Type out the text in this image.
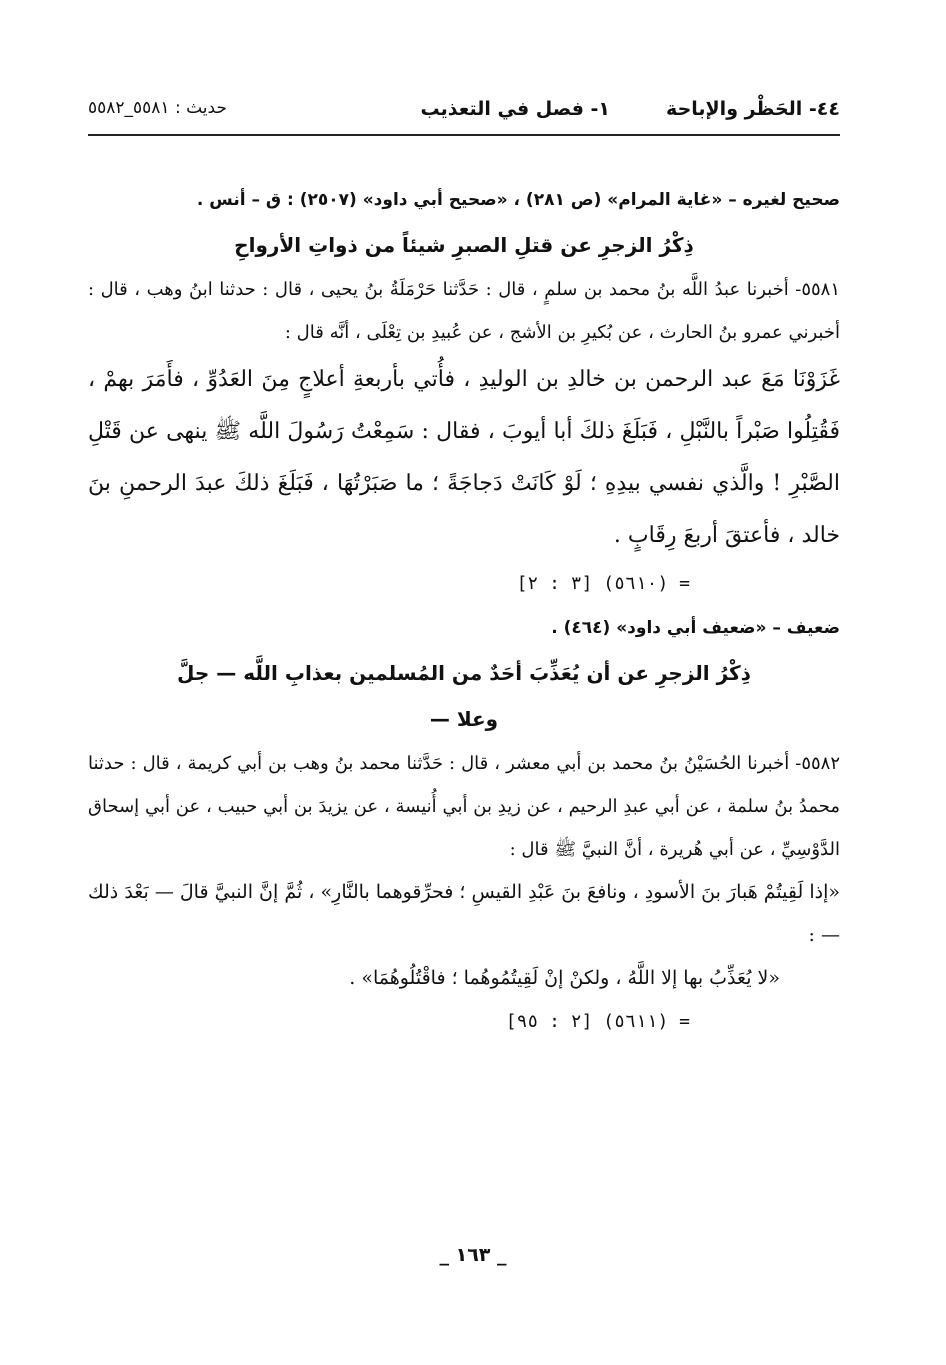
٤٤- الحَظْر والإباحة
١- فصل في التعذيب
حديث : ٥٥٨١_٥٥٨٢

صحيح لغيره – «غاية المرام» (ص ٢٨١) ، «صحيح أبي داود» (٢٥٠٧) : ق – أنس .

ذِكْرُ الزجرِ عن قتلِ الصبرِ شيئاً من ذواتِ الأرواحِ

٥٥٨١- أخبرنا عبدُ اللَّه بنُ محمد بن سلمٍ ، قال : حَدَّثنا حَرْمَلَةُ بنُ يحيى ، قال : حدثنا ابنُ وهب ، قال : أخبرني عمرو بنُ الحارث ، عن بُكيرِ بن الأشج ، عن عُبيدِ بن تِعْلَى ، أنَّه قال :

غَزَوْنَا مَعَ عبد الرحمن بن خالدِ بن الوليدِ ، فأُتي بأربعةِ أعلاجٍ مِنَ العَدُوِّ ، فأَمَرَ بهمْ ، فَقُتِلُوا صَبْراً بالنَّبْلِ ، فَبَلَغَ ذلكَ أبا أيوبَ ، فقال : سَمِعْتُ رَسُولَ اللَّه ﷺ ينهى عن قَتْلِ الصَّبْرِ ! والَّذي نفسي بيدِهِ ؛ لَوْ كَانَتْ دَجاجَةً ؛ ما صَبَرْتُهَا ، فَبَلَغَ ذلكَ عبدَ الرحمنِ بنَ خالد ، فأعتقَ أربعَ رِقَابٍ .

= (٥٦١٠) [٣ : ٢]

ضعيف – «ضعيف أبي داود» (٤٦٤) .

ذِكْرُ الزجرِ عن أن يُعَذِّبَ أحَدٌ من المُسلمين بعذابِ اللَّه — جلَّ

وعلا —

٥٥٨٢- أخبرنا الحُسَيْنُ بنُ محمد بن أبي معشر ، قال : حَدَّثنا محمد بنُ وهب بن أبي كريمة ، قال : حدثنا محمدُ بنُ سلمة ، عن أبي عبدِ الرحيم ، عن زيدِ بن أبي أُنيسة ، عن يزيدَ بن أبي حبيب ، عن أبي إسحاق الدَّوْسِيِّ ، عن أبي هُريرة ، أنَّ النبيَّ ﷺ قال :

«إذا لَقِيتُمْ هَبارَ بنَ الأسودِ ، ونافعَ بنَ عَبْدِ القيسِ ؛ فحرِّقوهما بالنَّارِ» ، ثُمَّ إنَّ النبيَّ قالَ — بَعْدَ ذلك — :

«لا يُعَذِّبُ بها إلا اللَّهُ ، ولكنْ إنْ لَقِيتُمُوهُما ؛ فاقْتُلُوهُمَا» .

= (٥٦١١) [٢ : ٩٥]

_ ١٦٣ _
